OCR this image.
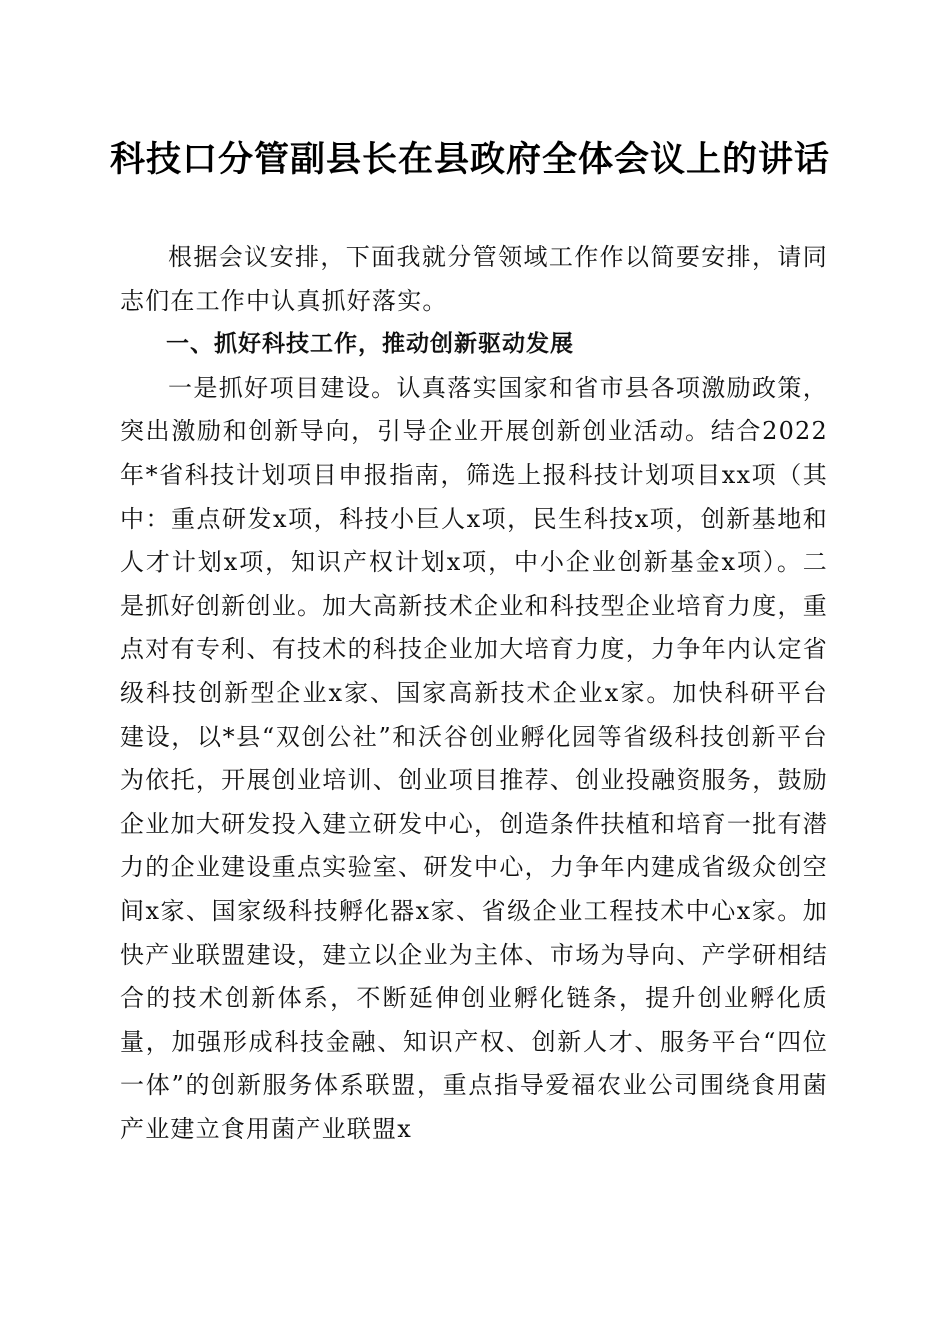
科技口分管副县长在县政府全体会议上的讲话

根据会议安排，下面我就分管领域工作作以简要安排，请同志们在工作中认真抓好落实。

一、抓好科技工作，推动创新驱动发展

一是抓好项目建设。认真落实国家和省市县各项激励政策，突出激励和创新导向，引导企业开展创新创业活动。结合2022年*省科技计划项目申报指南，筛选上报科技计划项目xx项（其中：重点研发x项，科技小巨人x项，民生科技x项，创新基地和人才计划x项，知识产权计划x项，中小企业创新基金x项）。二是抓好创新创业。加大高新技术企业和科技型企业培育力度，重点对有专利、有技术的科技企业加大培育力度，力争年内认定省级科技创新型企业x家、国家高新技术企业x家。加快科研平台建设，以*县“双创公社”和沃谷创业孵化园等省级科技创新平台为依托，开展创业培训、创业项目推荐、创业投融资服务，鼓励企业加大研发投入建立研发中心，创造条件扶植和培育一批有潜力的企业建设重点实验室、研发中心，力争年内建成省级众创空间x家、国家级科技孵化器x家、省级企业工程技术中心x家。加快产业联盟建设，建立以企业为主体、市场为导向、产学研相结合的技术创新体系，不断延伸创业孵化链条，提升创业孵化质量，加强形成科技金融、知识产权、创新人才、服务平台“四位一体”的创新服务体系联盟，重点指导爱福农业公司围绕食用菌产业建立食用菌产业联盟x
